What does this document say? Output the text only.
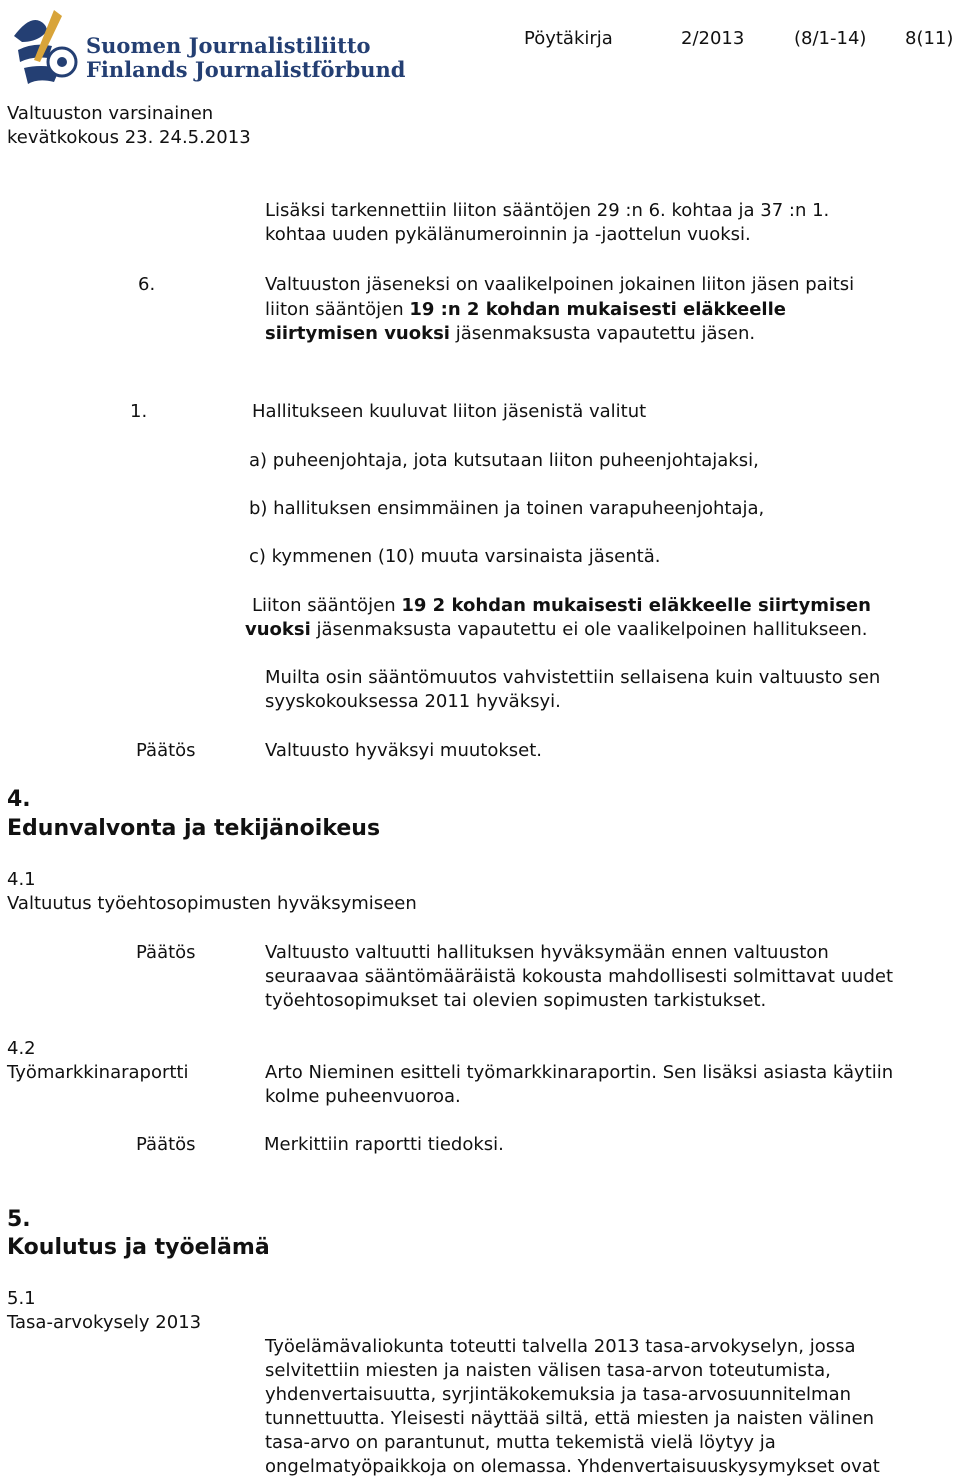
Suomen Journalistiliitto
Finlands Journalistförbund
Pöytäkirja	2/2013	(8/1-14) 8(11)
Valtuuston varsinainen
kevätkokous 23. 24.5.2013
Lisäksi tarkennettiin liiton sääntöjen 29 :n 6. kohtaa ja 37 :n 1.
kohtaa uuden pykälänumeroinnin ja -jaottelun vuoksi.
6.	Valtuuston jäseneksi on vaalikelpoinen jokainen liiton jäsen paitsi
liiton sääntöjen 19 :n 2 kohdan mukaisesti eläkkeelle
siirtymisen vuoksi jäsenmaksusta vapautettu jäsen.
1.	Hallitukseen kuuluvat liiton jäsenistä valitut
a) puheenjohtaja, jota kutsutaan liiton puheenjohtajaksi,
b) hallituksen ensimmäinen ja toinen varapuheenjohtaja,
c) kymmenen (10) muuta varsinaista jäsentä.
Liiton sääntöjen 19 2 kohdan mukaisesti eläkkeelle siirtymisen
vuoksi jäsenmaksusta vapautettu ei ole vaalikelpoinen hallitukseen.
Muilta osin sääntömuutos vahvistettiin sellaisena kuin valtuusto sen
syyskokouksessa 2011 hyväksyi.
Päätös	Valtuusto hyväksyi muutokset.
4.
Edunvalvonta ja tekijänoikeus
4.1
Valtuutus työehtosopimusten hyväksymiseen
Päätös	Valtuusto valtuutti hallituksen hyväksymään ennen valtuuston
seuraavaa sääntömääräistä kokousta mahdollisesti solmittavat uudet
työehtosopimukset tai olevien sopimusten tarkistukset.
4.2
Työmarkkinaraportti	Arto Nieminen esitteli työmarkkinaraportin. Sen lisäksi asiasta käytiin
kolme puheenvuoroa.
Päätös	Merkittiin raportti tiedoksi.
5.
Koulutus ja työelämä
5.1
Tasa-arvokysely 2013
Työelämävaliokunta toteutti talvella 2013 tasa-arvokyselyn, jossa
selvitettiin miesten ja naisten välisen tasa-arvon toteutumista,
yhdenvertaisuutta, syrjintäkokemuksia ja tasa-arvosuunnitelman
tunnettuutta. Yleisesti näyttää siltä, että miesten ja naisten välinen
tasa-arvo on parantunut, mutta tekemistä vielä löytyy ja
ongelmatyöpaikkoja on olemassa. Yhdenvertaisuuskysymykset ovat
